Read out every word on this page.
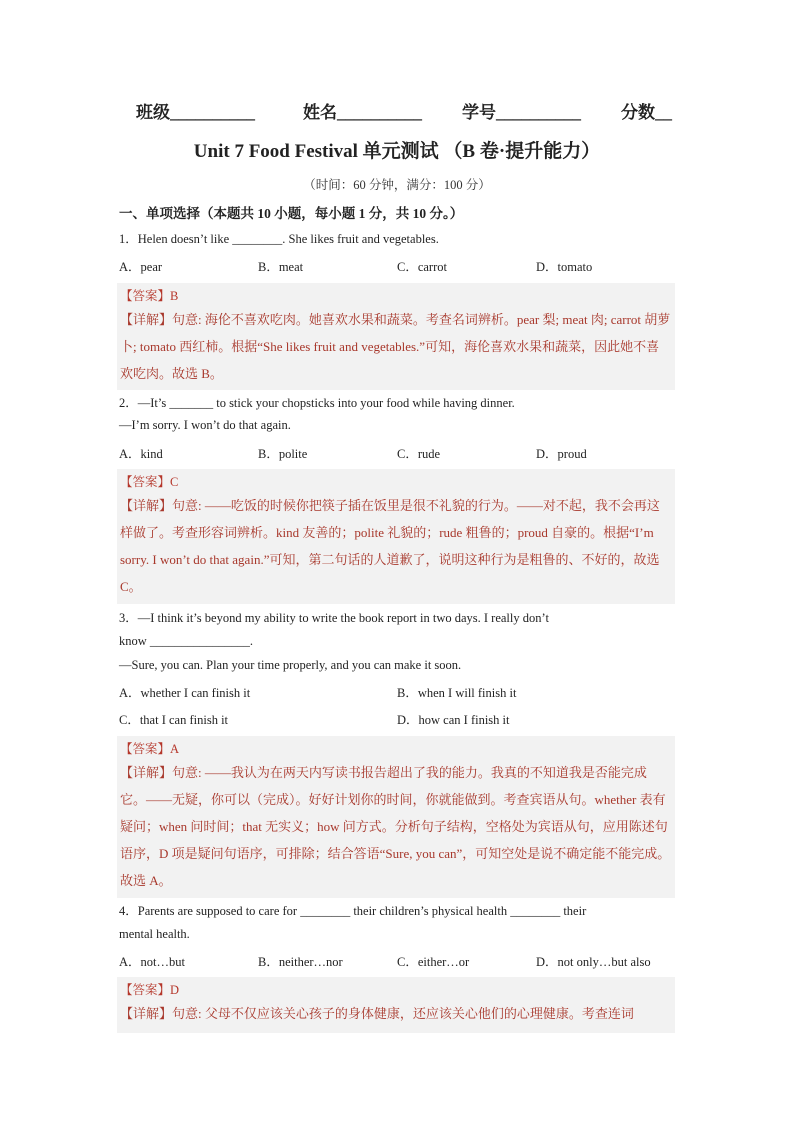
班级__________	姓名__________ 学号__________ 分数__
Unit 7 Food Festival 单元测试 （B 卷·提升能力）
（时间：60 分钟，满分：100 分）
一、单项选择（本题共 10 小题，每小题 1 分，共 10 分。）
1．Helen doesn’t like ________. She likes fruit and vegetables.
A．pear	B．meat	C．carrot	D．tomato
【答案】B
【详解】句意: 海伦不喜欢吃肉。她喜欢水果和蔬菜。考查名词辨析。pear 梨; meat 肉; carrot 胡萝卜; tomato 西红柿。根据“She likes fruit and vegetables.”可知，海伦喜欢水果和蔬菜，因此她不喜欢吃肉。故选 B。
2．—It’s _______ to stick your chopsticks into your food while having dinner.
—I’m sorry. I won’t do that again.
A．kind	B．polite	C．rude	D．proud
【答案】C
【详解】句意: ——吃饭的时候你把筷子插在饭里是很不礼貌的行为。——对不起，我不会再这样做了。考查形容词辨析。kind 友善的；polite 礼貌的；rude 粗鲁的；proud 自豪的。根据“I’m sorry. I won’t do that again.”可知，第二句话的人道歉了，说明这种行为是粗鲁的、不好的，故选 C。
3．—I think it’s beyond my ability to write the book report in two days. I really don’t
know ________________.
—Sure, you can. Plan your time properly, and you can make it soon.
A．whether I can finish it	B．when I will finish it
C．that I can finish it	D．how can I finish it
【答案】A
【详解】句意: ——我认为在两天内写读书报告超出了我的能力。我真的不知道我是否能完成它。——无疑，你可以（完成）。好好计划你的时间，你就能做到。考查宾语从句。whether 表有疑问；when 问时间；that 无实义；how 问方式。分析句子结构，空格处为宾语从句，应用陈述句语序，D 项是疑问句语序，可排除；结合答语“Sure, you can”，可知空处是说不确定能不能完成。故选 A。
4．Parents are supposed to care for ________ their children’s physical health ________ their
mental health.
A．not…but	B．neither…nor	C．either…or	D．not only…but also
【答案】D
【详解】句意: 父母不仅应该关心孩子的身体健康，还应该关心他们的心理健康。考查连词
